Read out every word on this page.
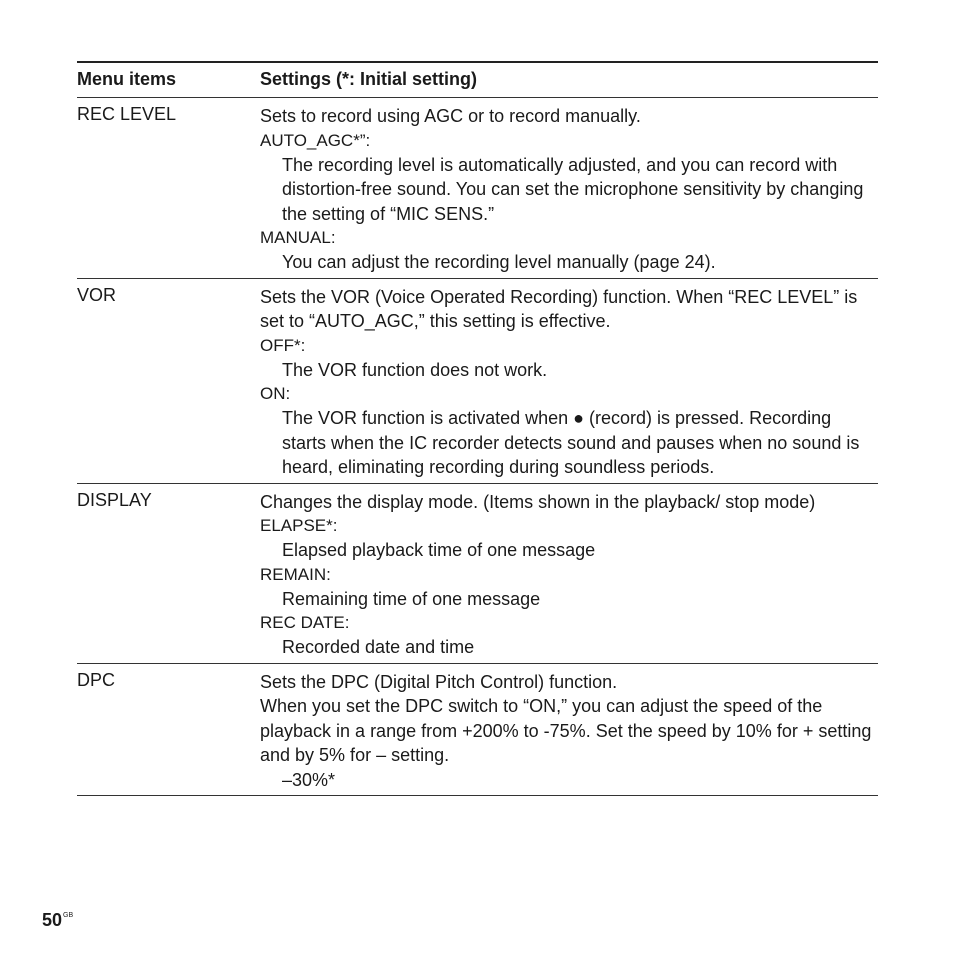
Menu items	Settings (*: Initial setting)
REC LEVEL	Sets to record using AGC or to record manually.
AUTO_AGC*”:
The recording level is automatically adjusted, and you can record with distortion-free sound. You can set the microphone sensitivity by changing the setting of “MIC SENS.”
MANUAL:
You can adjust the recording level manually (page 24).
VOR	Sets the VOR (Voice Operated Recording) function. When “REC LEVEL” is set to “AUTO_AGC,” this setting is effective.
OFF*:
The VOR function does not work.
ON:
The VOR function is activated when ● (record) is pressed. Recording starts when the IC recorder detects sound and pauses when no sound is heard, eliminating recording during soundless periods.
DISPLAY	Changes the display mode. (Items shown in the playback/ stop mode)
ELAPSE*:
Elapsed playback time of one message
REMAIN:
Remaining time of one message
REC DATE:
Recorded date and time
DPC	Sets the DPC (Digital Pitch Control) function.
When you set the DPC switch to “ON,” you can adjust the speed of the playback in a range from +200% to -75%. Set the speed by 10% for + setting and by 5% for – setting.
–30%*
$50^{GB}$
